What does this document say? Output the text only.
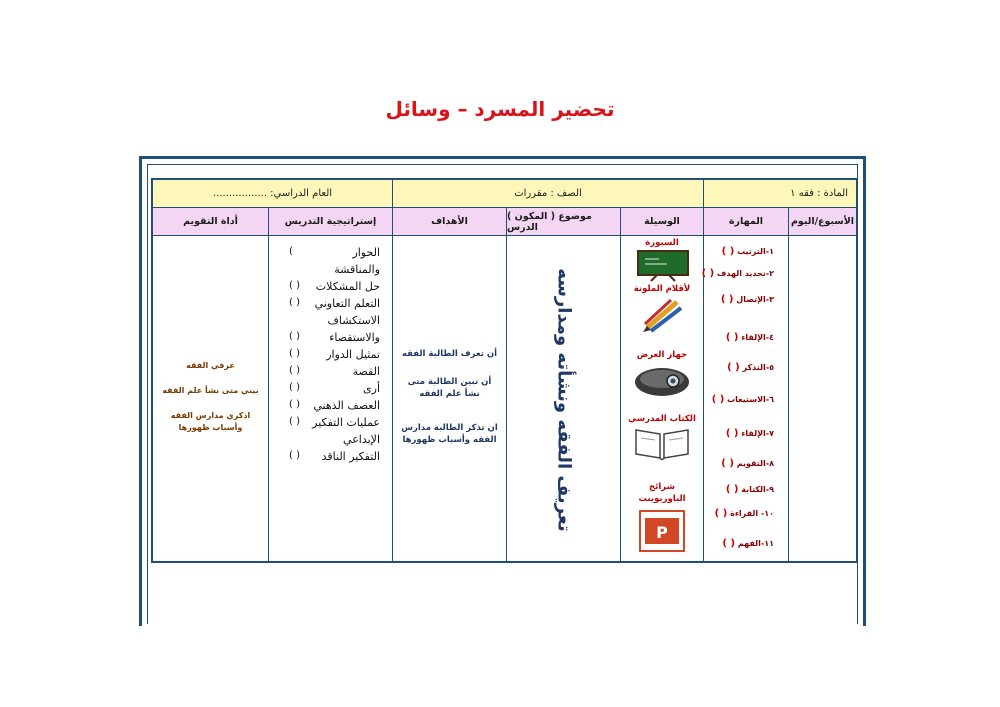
تحضير المسرد – وسائل
المادة : فقه ١
الصف : مقررات
العام الدراسي: .................
الأسبوع/اليوم
المهارة
الوسيلة
( المكون ) موضوع الدرس
الأهداف
إستراتيجية التدريس
أداة التقويم
١-الترتيب ( )
٢-تحديد الهدف ( )
٣-الإتصال ( )
٤-الإلقاء ( )
٥-التذكر ( )
٦-الاستيعاب ( )
٧-الإلقاء ( )
٨-التقويم ( )
٩-الكتابة ( )
١٠- القراءة ( )
١١-الفهم ( )
السبورة
لأقلام الملونة
جهاز العرض
الكتاب المدرسي
شرائح
الباوربوينت
P
تعريف الفقه ونشأته ومدارسه
أن تعرف الطالبة الفقه
أن تبين الطالبة متى
نشأ علم الفقه
ان تذكر الطالبة مدارس
الفقه وأسباب ظهورها
الحوار
(
والمناقشة
حل المشكلات
( )
التعلم التعاوني
( )
الاستكشاف
والاستقصاء
( )
تمثيل الدوار
( )
القصة
( )
أرى
( )
العصف الذهني
( )
عمليات التفكير
( )
الإبداعي
التفكير الناقد
( )
عرفي الفقه
بيني متى نشأ علم الفقه
اذكري مدارس الفقه
وأسباب ظهورها
